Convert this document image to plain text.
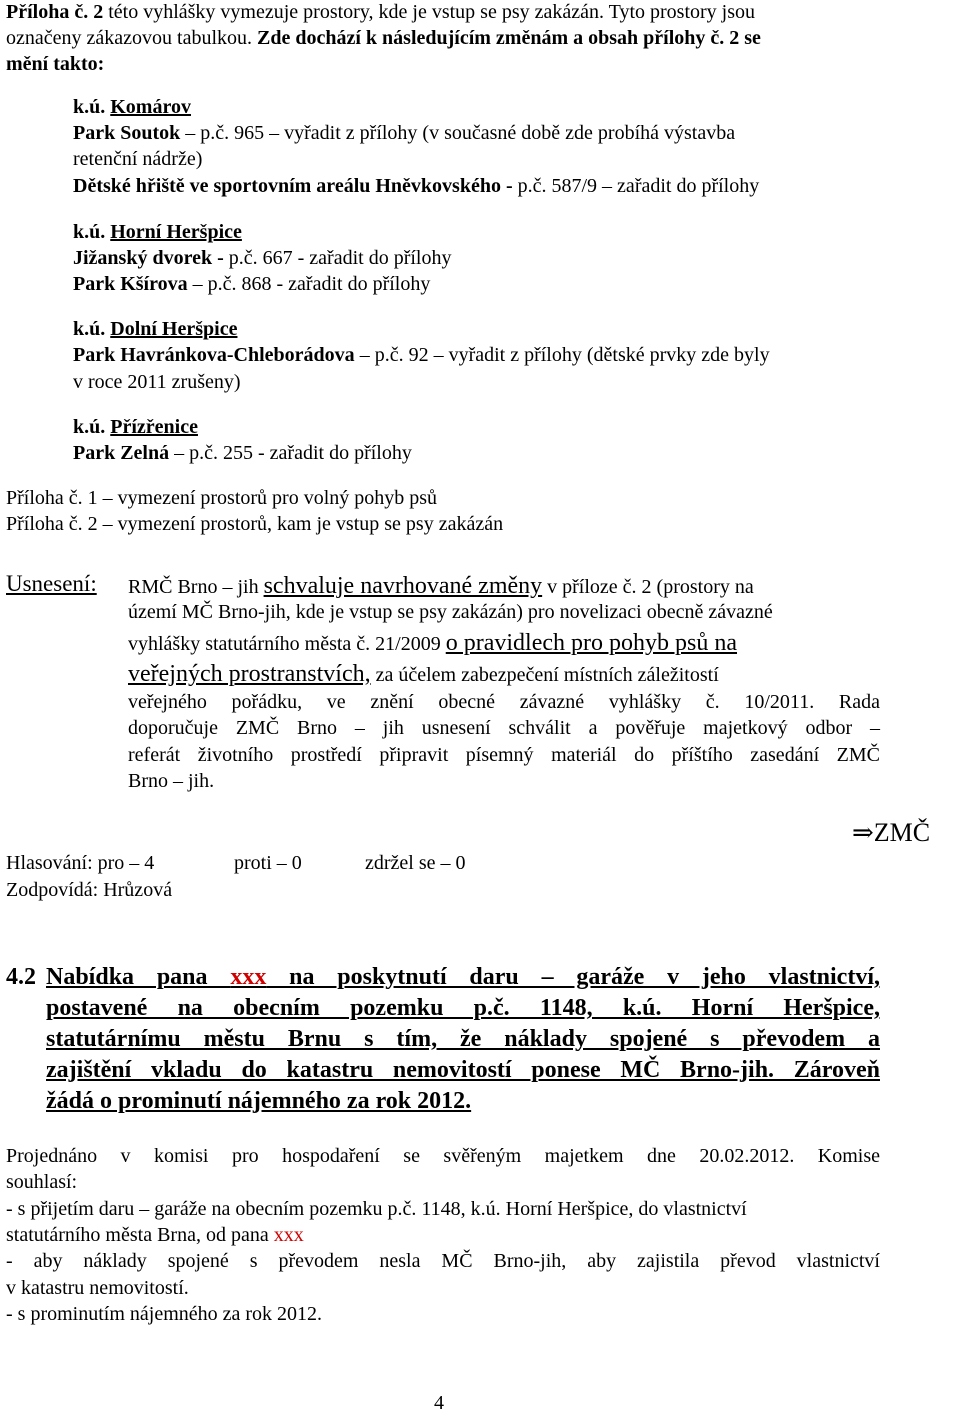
Příloha č. 2 této vyhlášky vymezuje prostory, kde je vstup se psy zakázán. Tyto prostory jsou
označeny zákazovou tabulkou. Zde dochází k následujícím změnám a obsah přílohy č. 2 se
mění takto:
k.ú. Komárov
Park Soutok – p.č. 965 – vyřadit z přílohy (v současné době zde probíhá výstavba
retenční nádrže)
Dětské hřiště ve sportovním areálu Hněvkovského - p.č. 587/9 – zařadit do přílohy
k.ú. Horní Heršpice
Jižanský dvorek - p.č. 667 - zařadit do přílohy
Park Kšírova – p.č. 868 - zařadit do přílohy
k.ú. Dolní Heršpice
Park Havránkova-Chleborádova – p.č. 92 – vyřadit z přílohy (dětské prvky zde byly
v roce 2011 zrušeny)
k.ú. Přízřenice
Park Zelná – p.č. 255 - zařadit do přílohy
Příloha č. 1 – vymezení prostorů pro volný pohyb psů
Příloha č. 2 – vymezení prostorů, kam je vstup se psy zakázán
Usnesení: RMČ Brno – jih schvaluje navrhované změny v příloze č. 2 (prostory na
území MČ Brno-jih, kde je vstup se psy zakázán) pro novelizaci obecně závazné
vyhlášky statutárního města č. 21/2009 o pravidlech pro pohyb psů na
veřejných prostranstvích, za účelem zabezpečení místních záležitostí
veřejného pořádku, ve znění obecné závazné vyhlášky č. 10/2011. Rada
doporučuje ZMČ Brno – jih usnesení schválit a pověřuje majetkový odbor –
referát životního prostředí připravit písemný materiál do příštího zasedání ZMČ
Brno – jih.
⇒ZMČ
Hlasování: pro – 4	proti – 0	zdržel se – 0
Zodpovídá: Hrůzová
4.2 Nabídka pana xxx na poskytnutí daru – garáže v jeho vlastnictví,
postavené na obecním pozemku p.č. 1148, k.ú. Horní Heršpice,
statutárnímu městu Brnu s tím, že náklady spojené s převodem a
zajištění vkladu do katastru nemovitostí ponese MČ Brno-jih. Zároveň
žádá o prominutí nájemného za rok 2012.
Projednáno v komisi pro hospodaření se svěřeným majetkem dne 20.02.2012. Komise
souhlasí:
- s přijetím daru – garáže na obecním pozemku p.č. 1148, k.ú. Horní Heršpice, do vlastnictví
statutárního města Brna, od pana xxx
- aby náklady spojené s převodem nesla MČ Brno-jih, aby zajistila převod vlastnictví
v katastru nemovitostí.
- s prominutím nájemného za rok 2012.
4
